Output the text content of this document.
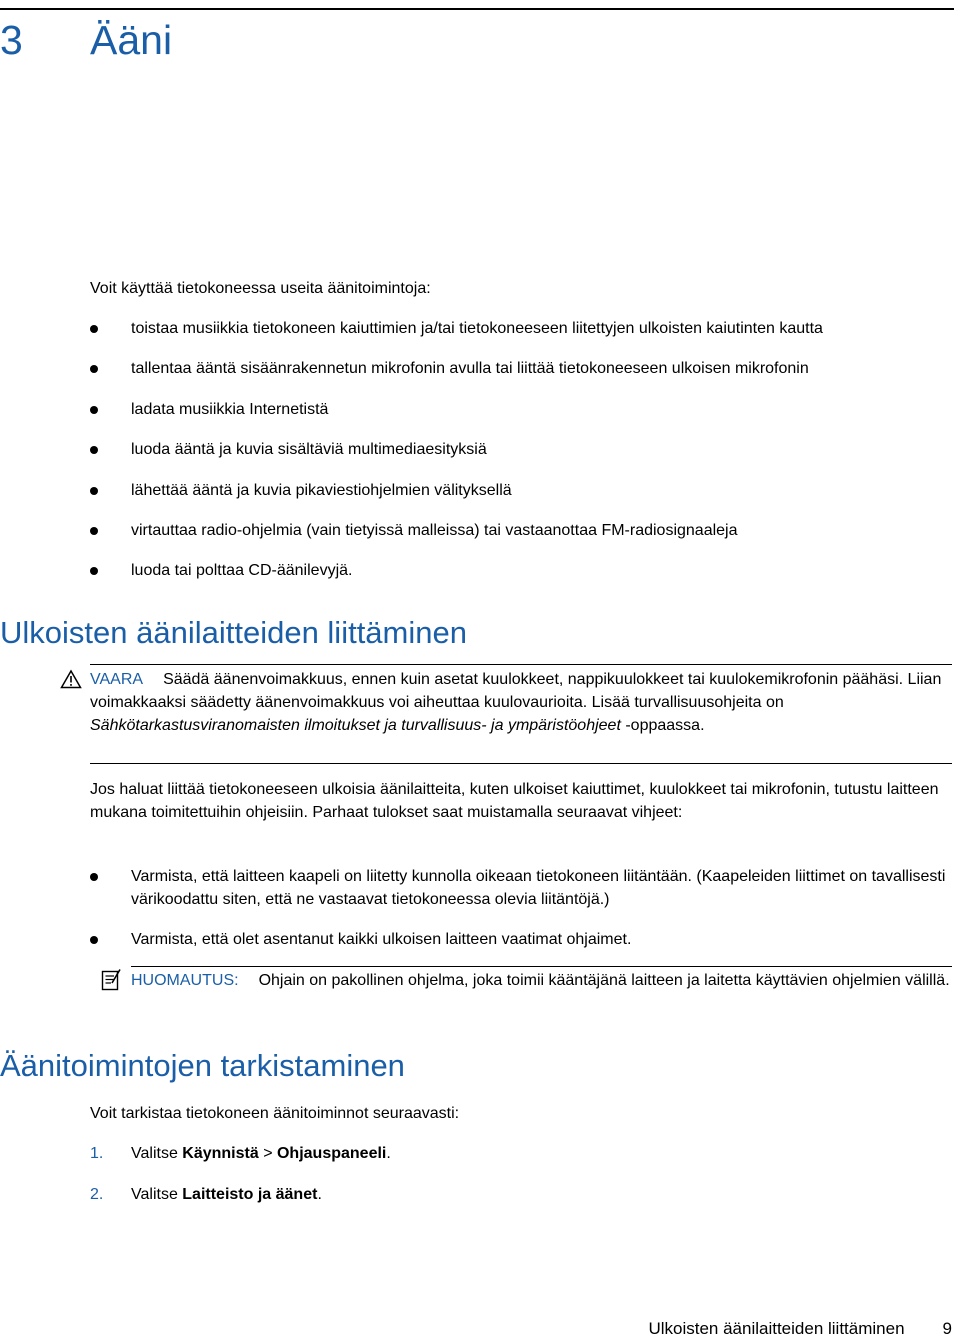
3 Ääni
Voit käyttää tietokoneessa useita äänitoimintoja:
toistaa musiikkia tietokoneen kaiuttimien ja/tai tietokoneeseen liitettyjen ulkoisten kaiutinten kautta
tallentaa ääntä sisäänrakennetun mikrofonin avulla tai liittää tietokoneeseen ulkoisen mikrofonin
ladata musiikkia Internetistä
luoda ääntä ja kuvia sisältäviä multimediaesityksiä
lähettää ääntä ja kuvia pikaviestiohjelmien välityksellä
virtauttaa radio-ohjelmia (vain tietyissä malleissa) tai vastaanottaa FM-radiosignaaleja
luoda tai polttaa CD-äänilevyjä.
Ulkoisten äänilaitteiden liittäminen
VAARA Säädä äänenvoimakkuus, ennen kuin asetat kuulokkeet, nappikuulokkeet tai kuulokemikrofonin päähäsi. Liian voimakkaaksi säädetty äänenvoimakkuus voi aiheuttaa kuulovaurioita. Lisää turvallisuusohjeita on Sähkötarkastusviranomaisten ilmoitukset ja turvallisuus- ja ympäristöohjeet -oppaassa.
Jos haluat liittää tietokoneeseen ulkoisia äänilaitteita, kuten ulkoiset kaiuttimet, kuulokkeet tai mikrofonin, tutustu laitteen mukana toimitettuihin ohjeisiin. Parhaat tulokset saat muistamalla seuraavat vihjeet:
Varmista, että laitteen kaapeli on liitetty kunnolla oikeaan tietokoneen liitäntään. (Kaapeleiden liittimet on tavallisesti värikoodattu siten, että ne vastaavat tietokoneessa olevia liitäntöjä.)
Varmista, että olet asentanut kaikki ulkoisen laitteen vaatimat ohjaimet.
HUOMAUTUS: Ohjain on pakollinen ohjelma, joka toimii kääntäjänä laitteen ja laitetta käyttävien ohjelmien välillä.
Äänitoimintojen tarkistaminen
Voit tarkistaa tietokoneen äänitoiminnot seuraavasti:
1. Valitse Käynnistä > Ohjauspaneeli.
2. Valitse Laitteisto ja äänet.
Ulkoisten äänilaitteiden liittäminen 9
